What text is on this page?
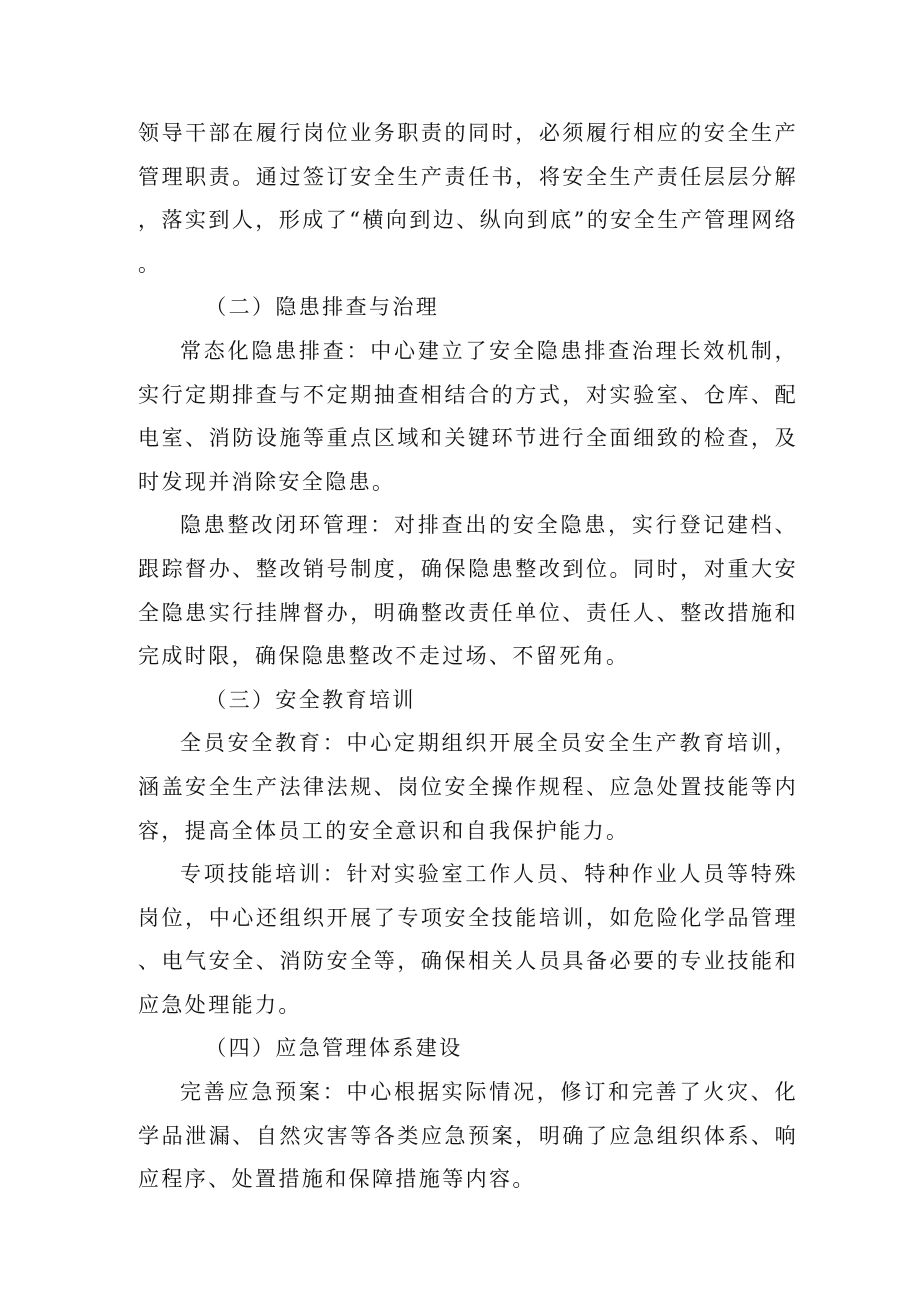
领导干部在履行岗位业务职责的同时，必须履行相应的安全生产管理职责。通过签订安全生产责任书，将安全生产责任层层分解，落实到人，形成了“横向到边、纵向到底”的安全生产管理网络。

（二）隐患排查与治理

常态化隐患排查：中心建立了安全隐患排查治理长效机制，实行定期排查与不定期抽查相结合的方式，对实验室、仓库、配电室、消防设施等重点区域和关键环节进行全面细致的检查，及时发现并消除安全隐患。

隐患整改闭环管理：对排查出的安全隐患，实行登记建档、跟踪督办、整改销号制度，确保隐患整改到位。同时，对重大安全隐患实行挂牌督办，明确整改责任单位、责任人、整改措施和完成时限，确保隐患整改不走过场、不留死角。

（三）安全教育培训

全员安全教育：中心定期组织开展全员安全生产教育培训，涵盖安全生产法律法规、岗位安全操作规程、应急处置技能等内容，提高全体员工的安全意识和自我保护能力。

专项技能培训：针对实验室工作人员、特种作业人员等特殊岗位，中心还组织开展了专项安全技能培训，如危险化学品管理、电气安全、消防安全等，确保相关人员具备必要的专业技能和应急处理能力。

（四）应急管理体系建设

完善应急预案：中心根据实际情况，修订和完善了火灾、化学品泄漏、自然灾害等各类应急预案，明确了应急组织体系、响应程序、处置措施和保障措施等内容。
